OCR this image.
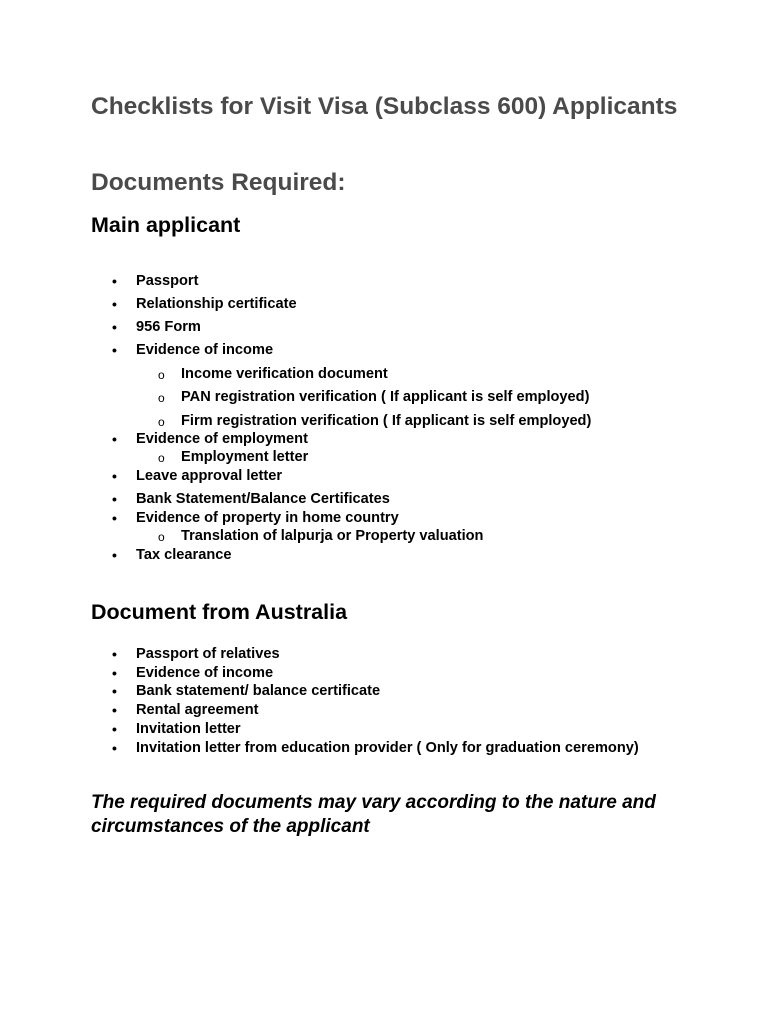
Checklists for Visit Visa (Subclass 600) Applicants
Documents Required:
Main applicant
• Passport
• Relationship certificate
• 956 Form
• Evidence of income
o Income verification document
o PAN registration verification ( If applicant is self employed)
o Firm registration verification ( If applicant is self employed)
• Evidence of employment
o Employment letter
• Leave approval letter
• Bank Statement/Balance Certificates
• Evidence of property in home country
o Translation of lalpurja or Property valuation
• Tax clearance
Document from Australia
• Passport of relatives
• Evidence of income
• Bank statement/ balance certificate
• Rental agreement
• Invitation letter
• Invitation letter from education provider ( Only for graduation ceremony)

The required documents may vary according to the nature and circumstances of the applicant
